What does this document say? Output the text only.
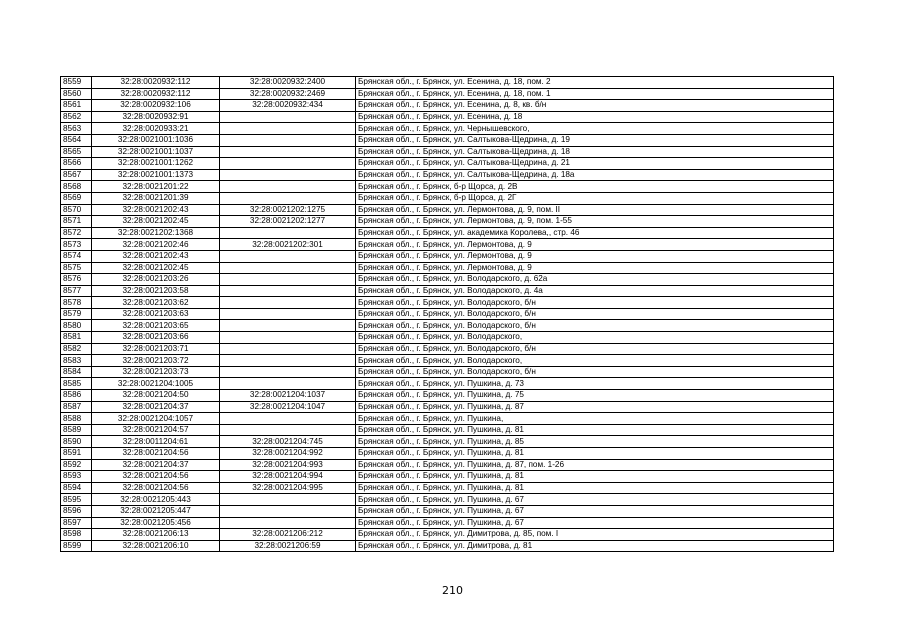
8559	32:28:0020932:112	32:28:0020932:2400	Брянская обл., г. Брянск, ул. Есенина, д. 18, пом. 2
8560	32:28:0020932:112	32:28:0020932:2469	Брянская обл., г. Брянск, ул. Есенина, д. 18, пом. 1
8561	32:28:0020932:106	32:28:0020932:434	Брянская обл., г. Брянск, ул. Есенина, д. 8, кв. б/н
8562	32:28:0020932:91		Брянская обл., г. Брянск, ул. Есенина, д. 18
8563	32:28:0020933:21		Брянская обл., г. Брянск, ул. Чернышевского,
8564	32:28:0021001:1036		Брянская обл., г. Брянск, ул. Салтыкова-Щедрина, д. 19
8565	32:28:0021001:1037		Брянская обл., г. Брянск, ул. Салтыкова-Щедрина, д. 18
8566	32:28:0021001:1262		Брянская обл., г. Брянск, ул. Салтыкова-Щедрина, д. 21
8567	32:28:0021001:1373		Брянская обл., г. Брянск, ул. Салтыкова-Щедрина, д. 18а
8568	32:28:0021201:22		Брянская обл., г. Брянск, б-р Щорса, д. 2В
8569	32:28:0021201:39		Брянская обл., г. Брянск, б-р Щорса, д. 2Г
8570	32:28:0021202:43	32:28:0021202:1275	Брянская обл., г. Брянск, ул. Лермонтова, д. 9, пом. II
8571	32:28:0021202:45	32:28:0021202:1277	Брянская обл., г. Брянск, ул. Лермонтова, д. 9, пом. 1-55
8572	32:28:0021202:1368		Брянская обл., г. Брянск, ул. академика Королева,, стр. 46
8573	32:28:0021202:46	32:28:0021202:301	Брянская обл., г. Брянск, ул. Лермонтова, д. 9
8574	32:28:0021202:43		Брянская обл., г. Брянск, ул. Лермонтова, д. 9
8575	32:28:0021202:45		Брянская обл., г. Брянск, ул. Лермонтова, д. 9
8576	32:28:0021203:26		Брянская обл., г. Брянск, ул. Володарского, д. 62а
8577	32:28:0021203:58		Брянская обл., г. Брянск, ул. Володарского, д. 4а
8578	32:28:0021203:62		Брянская обл., г. Брянск, ул. Володарского, б/н
8579	32:28:0021203:63		Брянская обл., г. Брянск, ул. Володарского, б/н
8580	32:28:0021203:65		Брянская обл., г. Брянск, ул. Володарского, б/н
8581	32:28:0021203:66		Брянская обл., г. Брянск, ул. Володарского,
8582	32:28:0021203:71		Брянская обл., г. Брянск, ул. Володарского, б/н
8583	32:28:0021203:72		Брянская обл., г. Брянск, ул. Володарского,
8584	32:28:0021203:73		Брянская обл., г. Брянск, ул. Володарского, б/н
8585	32:28:0021204:1005		Брянская обл., г. Брянск, ул. Пушкина, д. 73
8586	32:28:0021204:50	32:28:0021204:1037	Брянская обл., г. Брянск, ул. Пушкина, д. 75
8587	32:28:0021204:37	32:28:0021204:1047	Брянская обл., г. Брянск, ул. Пушкина, д. 87
8588	32:28:0021204:1057		Брянская обл., г. Брянск, ул. Пушкина,
8589	32:28:0021204:57		Брянская обл., г. Брянск, ул. Пушкина, д. 81
8590	32:28:0011204:61	32:28:0021204:745	Брянская обл., г. Брянск, ул. Пушкина, д. 85
8591	32:28:0021204:56	32:28:0021204:992	Брянская обл., г. Брянск, ул. Пушкина, д. 81
8592	32:28:0021204:37	32:28:0021204:993	Брянская обл., г. Брянск, ул. Пушкина, д. 87, пом. 1-26
8593	32:28:0021204:56	32:28:0021204:994	Брянская обл., г. Брянск, ул. Пушкина, д. 81
8594	32:28:0021204:56	32:28:0021204:995	Брянская обл., г. Брянск, ул. Пушкина, д. 81
8595	32:28:0021205:443		Брянская обл., г. Брянск, ул. Пушкина, д. 67
8596	32:28:0021205:447		Брянская обл., г. Брянск, ул. Пушкина, д. 67
8597	32:28:0021205:456		Брянская обл., г. Брянск, ул. Пушкина, д. 67
8598	32:28:0021206:13	32:28:0021206:212	Брянская обл., г. Брянск, ул. Димитрова, д. 85, пом. I
8599	32:28:0021206:10	32:28:0021206:59	Брянская обл., г. Брянск, ул. Димитрова, д. 81
210
